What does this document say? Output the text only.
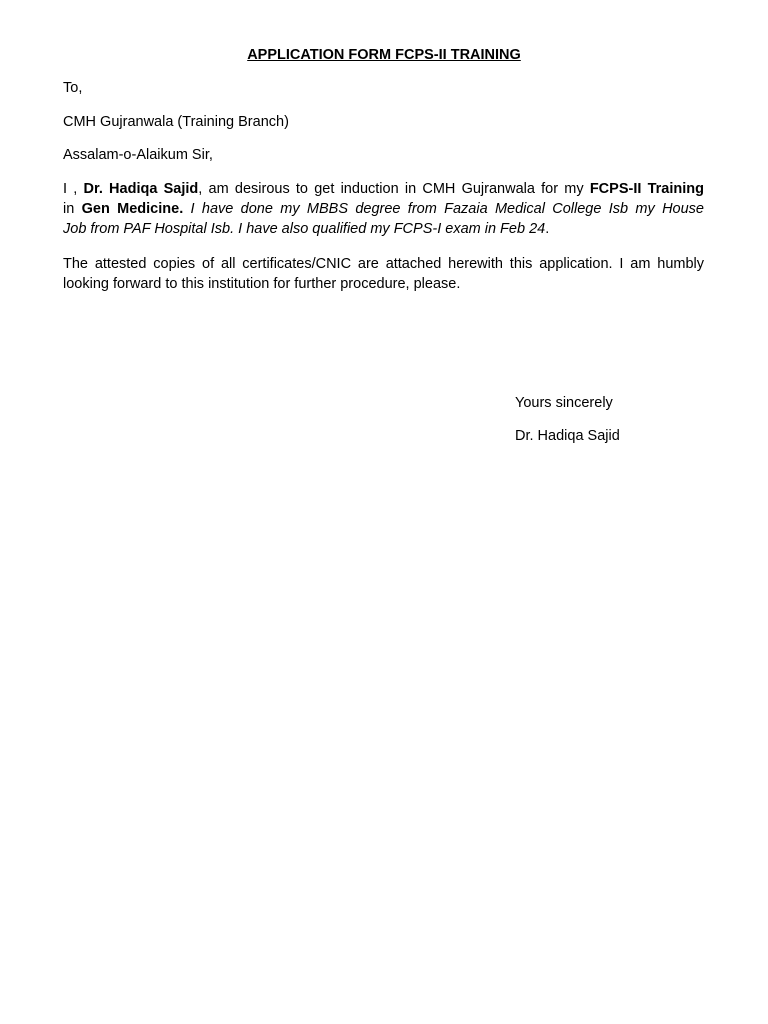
APPLICATION FORM FCPS-II TRAINING
To,
CMH Gujranwala (Training Branch)
Assalam-o-Alaikum Sir,
I , Dr. Hadiqa Sajid, am desirous to get induction in CMH Gujranwala for my FCPS-II Training
in Gen Medicine. I have done my MBBS degree from Fazaia Medical College Isb my House
Job from PAF Hospital Isb. I have also qualified my FCPS-I exam in Feb 24.
The attested copies of all certificates/CNIC are attached herewith this application. I am humbly
looking forward to this institution for further procedure, please.
Yours sincerely
Dr. Hadiqa Sajid
